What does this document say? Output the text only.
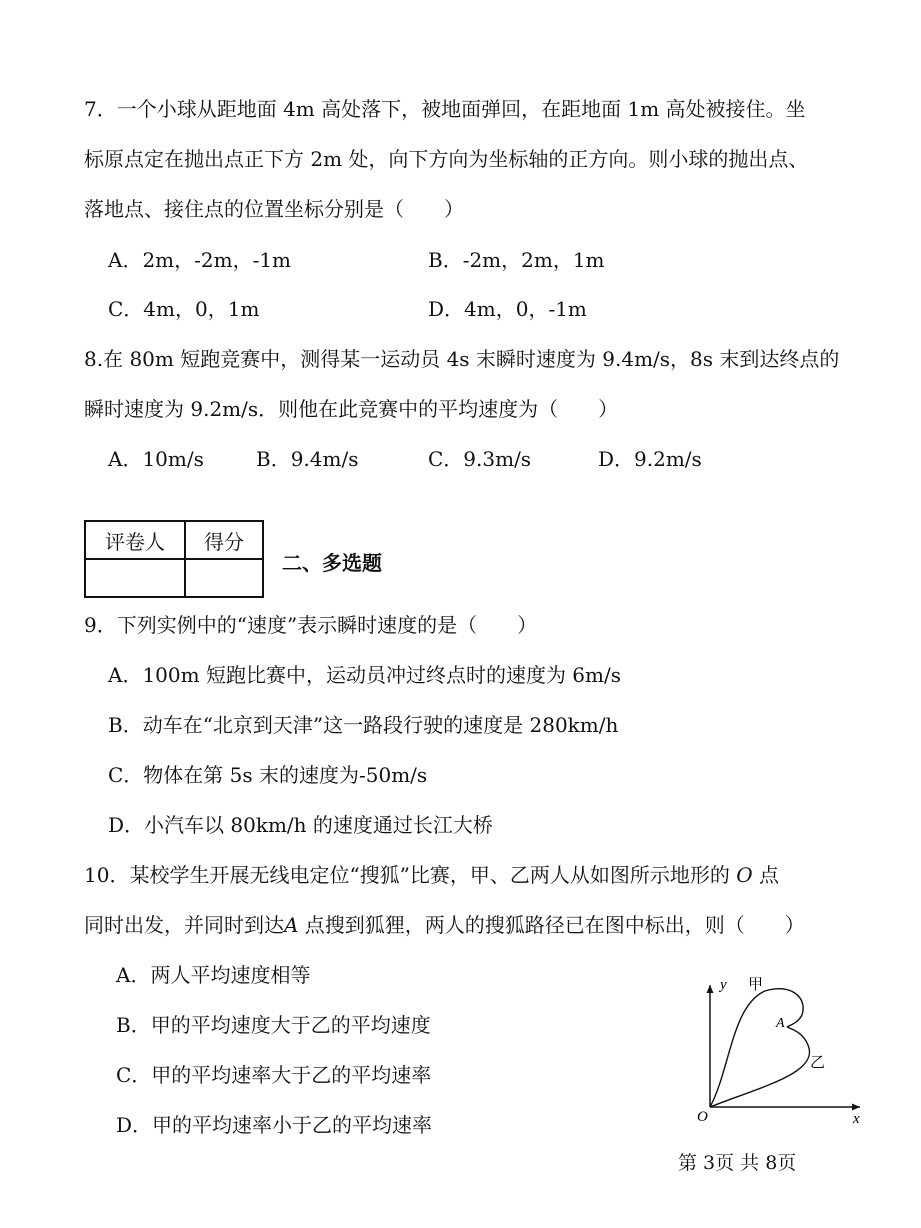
7．一个小球从距地面 4m 高处落下，被地面弹回，在距地面 1m 高处被接住。坐
标原点定在抛出点正下方 2m 处，向下方向为坐标轴的正方向。则小球的抛出点、
落地点、接住点的位置坐标分别是（　　）
A．2m，-2m，-1m	B．-2m，2m，1m
C．4m，0，1m	D．4m，0，-1m
8.在 80m 短跑竞赛中，测得某一运动员 4s 末瞬时速度为 9.4m/s，8s 末到达终点的
瞬时速度为 9.2m/s．则他在此竞赛中的平均速度为（　　）
A．10m/s	B．9.4m/s	C．9.3m/s	D．9.2m/s
评卷人	得分

二、多选题
9．下列实例中的“速度”表示瞬时速度的是（　　）
A．100m 短跑比赛中，运动员冲过终点时的速度为 6m/s
B．动车在“北京到天津”这一路段行驶的速度是 280km/h
C．物体在第 5s 末的速度为-50m/s
D．小汽车以 80km/h 的速度通过长江大桥
10．某校学生开展无线电定位“搜狐”比赛，甲、乙两人从如图所示地形的 O 点
同时出发，并同时到达A 点搜到狐狸，两人的搜狐路径已在图中标出，则（　　）
A．两人平均速度相等
B．甲的平均速度大于乙的平均速度
C．甲的平均速率大于乙的平均速率
D．甲的平均速率小于乙的平均速率
y
x
O
A
甲
乙
第 3页 共 8页
